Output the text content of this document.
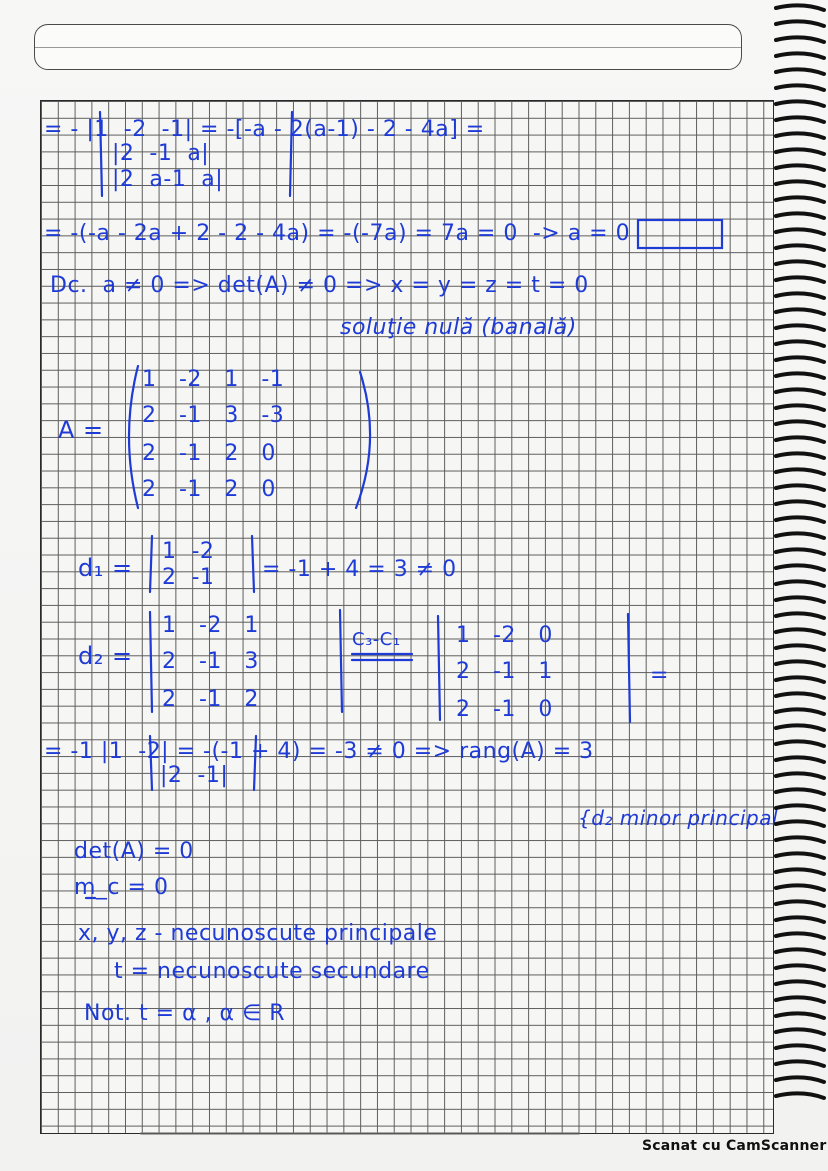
= - |1  -2  -1| = -[-a - 2(a-1) - 2 - 4a] =
|2  -1  a|
|2  a-1  a|
= -(-a - 2a + 2 - 2 - 4a) = -(-7a) = 7a = 0  -> a = 0
Dc.  a ≠ 0 => det(A) ≠ 0 => x = y = z = t = 0
soluţie nulă (banală)
A =
1   -2   1   -1
2   -1   3   -3
2   -1   2   0
2   -1   2   0
d₁ =
1  -2
2  -1 = -1 + 4 = 3 ≠ 0
d₂ =
1   -2   1
2   -1   3
2   -1   2
C₃-C₁	1   -2   0
2   -1   1
2   -1   0
=
= -1 |1  -2| = -(-1 + 4) = -3 ≠ 0 => rang(A) = 3
|2  -1|
{d₂ minor principal
det(A) = 0
m_c = 0
x, y, z - necunoscute principale
t = necunoscute secundare
Not. t = α , α ∈ R
Scanat cu CamScanner
